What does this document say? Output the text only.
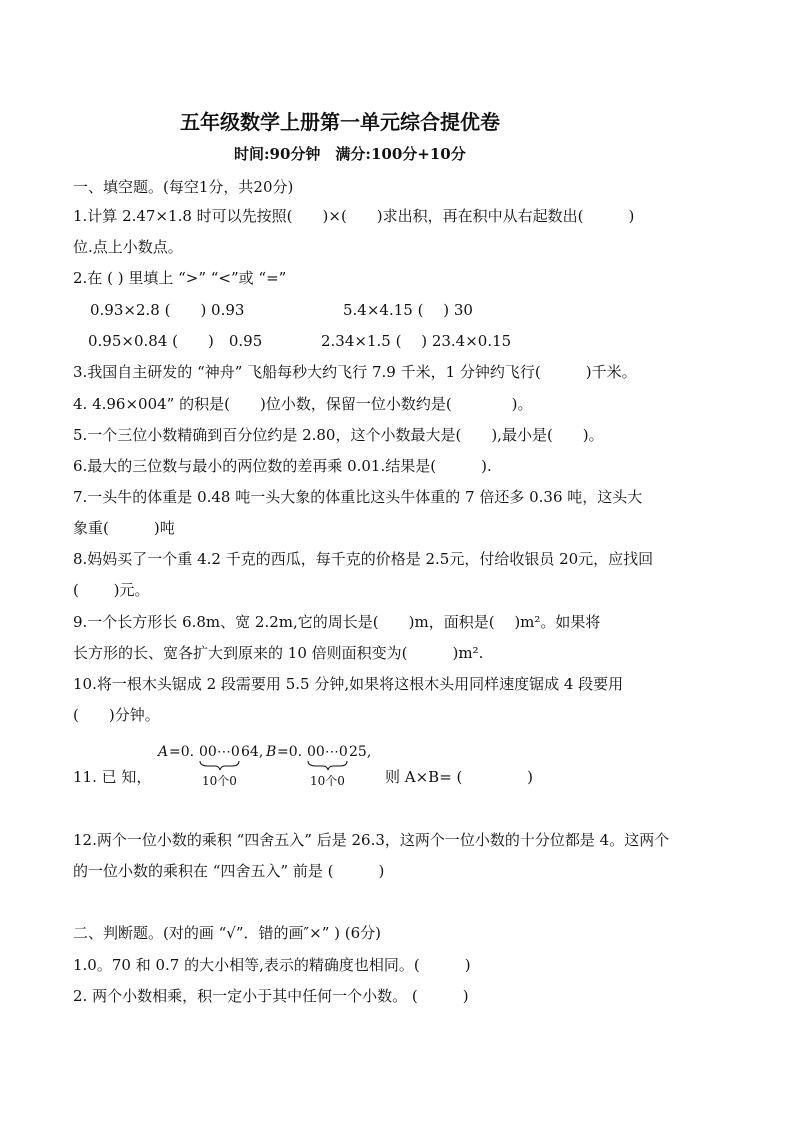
五年级数学上册第一单元综合提优卷
时间:90分钟　满分:100分+10分
一、填空题。(每空1分，共20分)
1.计算 2.47×1.8 时可以先按照(　　)×(　　)求出积，再在积中从右起数出(　　　)
位.点上小数点。
2.在 ( ) 里填上 “>” “<”或 “=”
0.93×2.8 (　　) 0.93	5.4×4.15 (　 ) 30
0.95×0.84 (　　)　0.95	2.34×1.5 (　 ) 23.4×0.15
3.我国自主研发的 “神舟” 飞船每秒大约飞行 7.9 千米，1 分钟约飞行(　　　)千米。
4. 4.96×004” 的积是(　　)位小数，保留一位小数约是(　　　　)。
5.一个三位小数精确到百分位约是 2.80，这个小数最大是(　　),最小是(　　)。
6.最大的三位数与最小的两位数的差再乘 0.01.结果是(　　　).
7.一头牛的体重是 0.48 吨一头大象的体重比这头牛体重的 7 倍还多 0.36 吨，这头大
象重(　　　)吨
8.妈妈买了一个重 4.2 千克的西瓜，每千克的价格是 2.5元，付给收银员 20元，应找回
(　　 )元。
9.一个长方形长 6.8m、宽 2.2m,它的周长是(　　)m，面积是(　 )m²。如果将
长方形的长、宽各扩大到原来的 10 倍则面积变为(　　　)m².
10.将一根木头锯成 2 段需要用 5.5 分钟,如果将这根木头用同样速度锯成 4 段要用
(　　)分钟。
11. 已 知，
A =0. 00⋯0 64,
10个0
B =0. 00⋯0 25,
10个0	则 A×B= (　　　　 )
12.两个一位小数的乘积 “四舍五入” 后是 26.3，这两个一位小数的十分位都是 4。这两个
的一位小数的乘积在 “四舍五入” 前是 (　　　)
二、判断题。(对的画 “√”．错的画″×” ) (6分)
1.0。70 和 0.7 的大小相等,表示的精确度也相同。(　　　)
2. 两个小数相乘，积一定小于其中任何一个小数。 (　　　)
